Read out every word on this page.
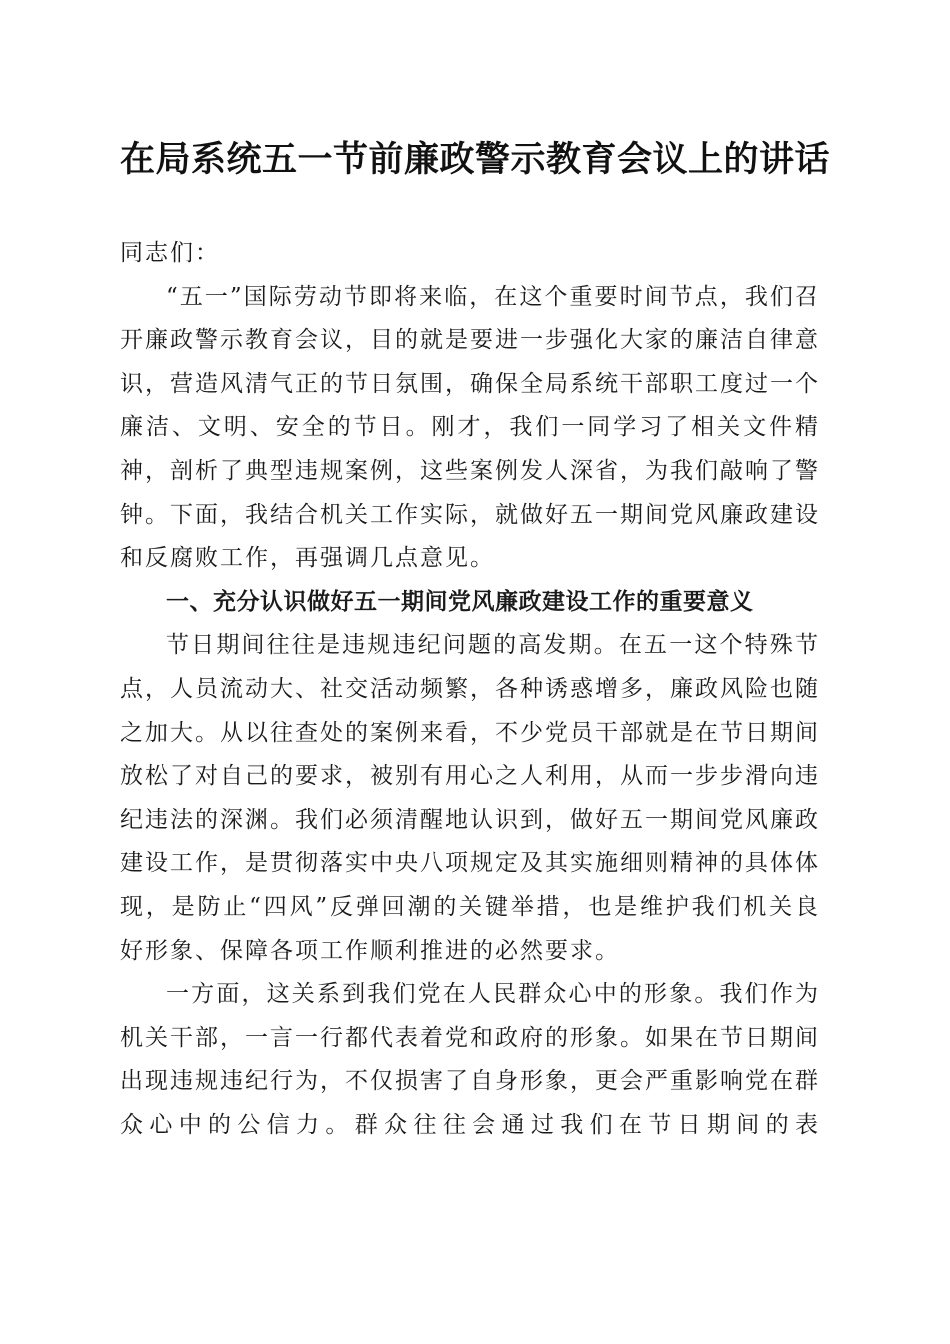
在局系统五一节前廉政警示教育会议上的讲话
同志们：

“五一”国际劳动节即将来临，在这个重要时间节点，我们召开廉政警示教育会议，目的就是要进一步强化大家的廉洁自律意识，营造风清气正的节日氛围，确保全局系统干部职工度过一个廉洁、文明、安全的节日。刚才，我们一同学习了相关文件精神，剖析了典型违规案例，这些案例发人深省，为我们敲响了警钟。下面，我结合机关工作实际，就做好五一期间党风廉政建设和反腐败工作，再强调几点意见。

一、充分认识做好五一期间党风廉政建设工作的重要意义

节日期间往往是违规违纪问题的高发期。在五一这个特殊节点，人员流动大、社交活动频繁，各种诱惑增多，廉政风险也随之加大。从以往查处的案例来看，不少党员干部就是在节日期间放松了对自己的要求，被别有用心之人利用，从而一步步滑向违纪违法的深渊。我们必须清醒地认识到，做好五一期间党风廉政建设工作，是贯彻落实中央八项规定及其实施细则精神的具体体现，是防止“四风”反弹回潮的关键举措，也是维护我们机关良好形象、保障各项工作顺利推进的必然要求。

一方面，这关系到我们党在人民群众心中的形象。我们作为机关干部，一言一行都代表着党和政府的形象。如果在节日期间出现违规违纪行为，不仅损害了自身形象，更会严重影响党在群众心中的公信力。群众往往会通过我们在节日期间的表
